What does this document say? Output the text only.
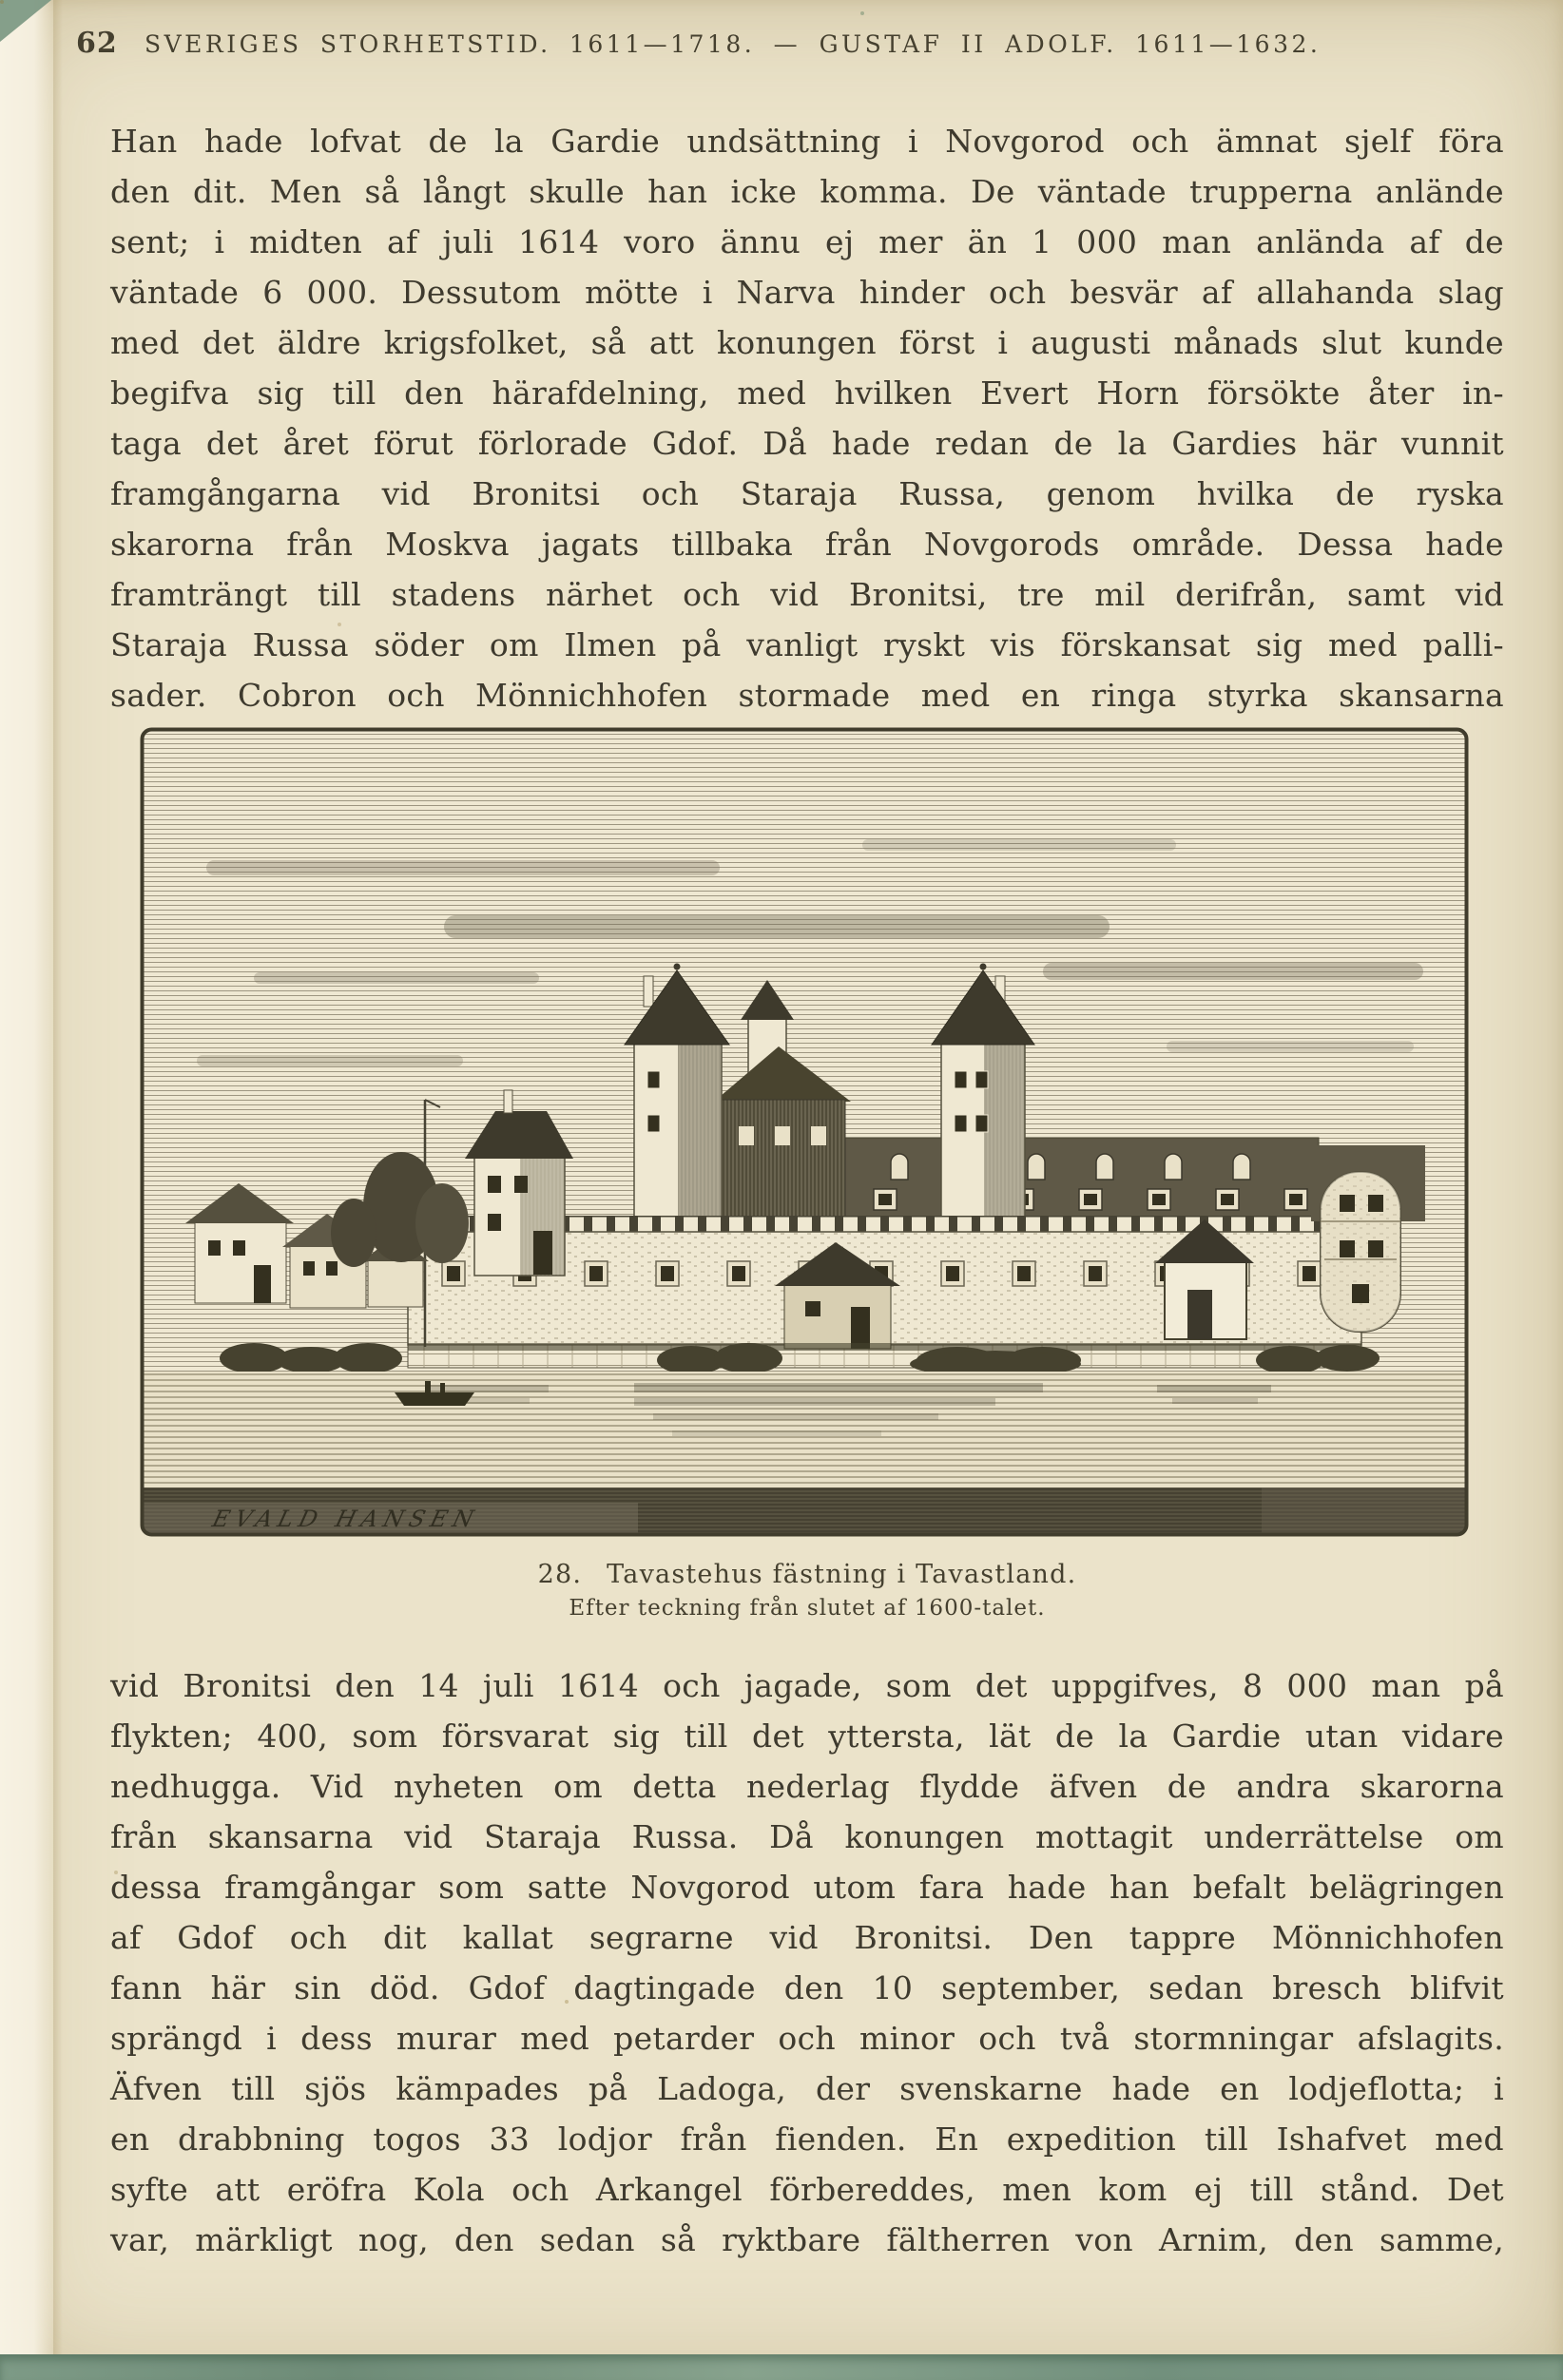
62 SVERIGES STORHETSTID. 1611—1718. — GUSTAF II ADOLF. 1611—1632.
Han hade lofvat de la Gardie undsättning i Novgorod och ämnat sjelf föra
den dit. Men så långt skulle han icke komma. De väntade trupperna anlände
sent; i midten af juli 1614 voro ännu ej mer än 1 000 man anlända af de
väntade 6 000. Dessutom mötte i Narva hinder och besvär af allahanda slag
med det äldre krigsfolket, så att konungen först i augusti månads slut kunde
begifva sig till den härafdelning, med hvilken Evert Horn försökte åter in-
taga det året förut förlorade Gdof. Då hade redan de la Gardies här vunnit
framgångarna vid Bronitsi och Staraja Russa, genom hvilka de ryska
skarorna från Moskva jagats tillbaka från Novgorods område. Dessa hade
framträngt till stadens närhet och vid Bronitsi, tre mil derifrån, samt vid
Staraja Russa söder om Ilmen på vanligt ryskt vis förskansat sig med palli-
sader. Cobron och Mönnichhofen stormade med en ringa styrka skansarna
EVALD HANSEN
28. Tavastehus fästning i Tavastland.
Efter teckning från slutet af 1600-talet.
vid Bronitsi den 14 juli 1614 och jagade, som det uppgifves, 8 000 man på
flykten; 400, som försvarat sig till det yttersta, lät de la Gardie utan vidare
nedhugga. Vid nyheten om detta nederlag flydde äfven de andra skarorna
från skansarna vid Staraja Russa. Då konungen mottagit underrättelse om
dessa framgångar som satte Novgorod utom fara hade han befalt belägringen
af Gdof och dit kallat segrarne vid Bronitsi. Den tappre Mönnichhofen
fann här sin död. Gdof dagtingade den 10 september, sedan bresch blifvit
sprängd i dess murar med petarder och minor och två stormningar afslagits.
Äfven till sjös kämpades på Ladoga, der svenskarne hade en lodjeflotta; i
en drabbning togos 33 lodjor från fienden. En expedition till Ishafvet med
syfte att eröfra Kola och Arkangel förbereddes, men kom ej till stånd. Det
var, märkligt nog, den sedan så ryktbare fältherren von Arnim, den samme,
